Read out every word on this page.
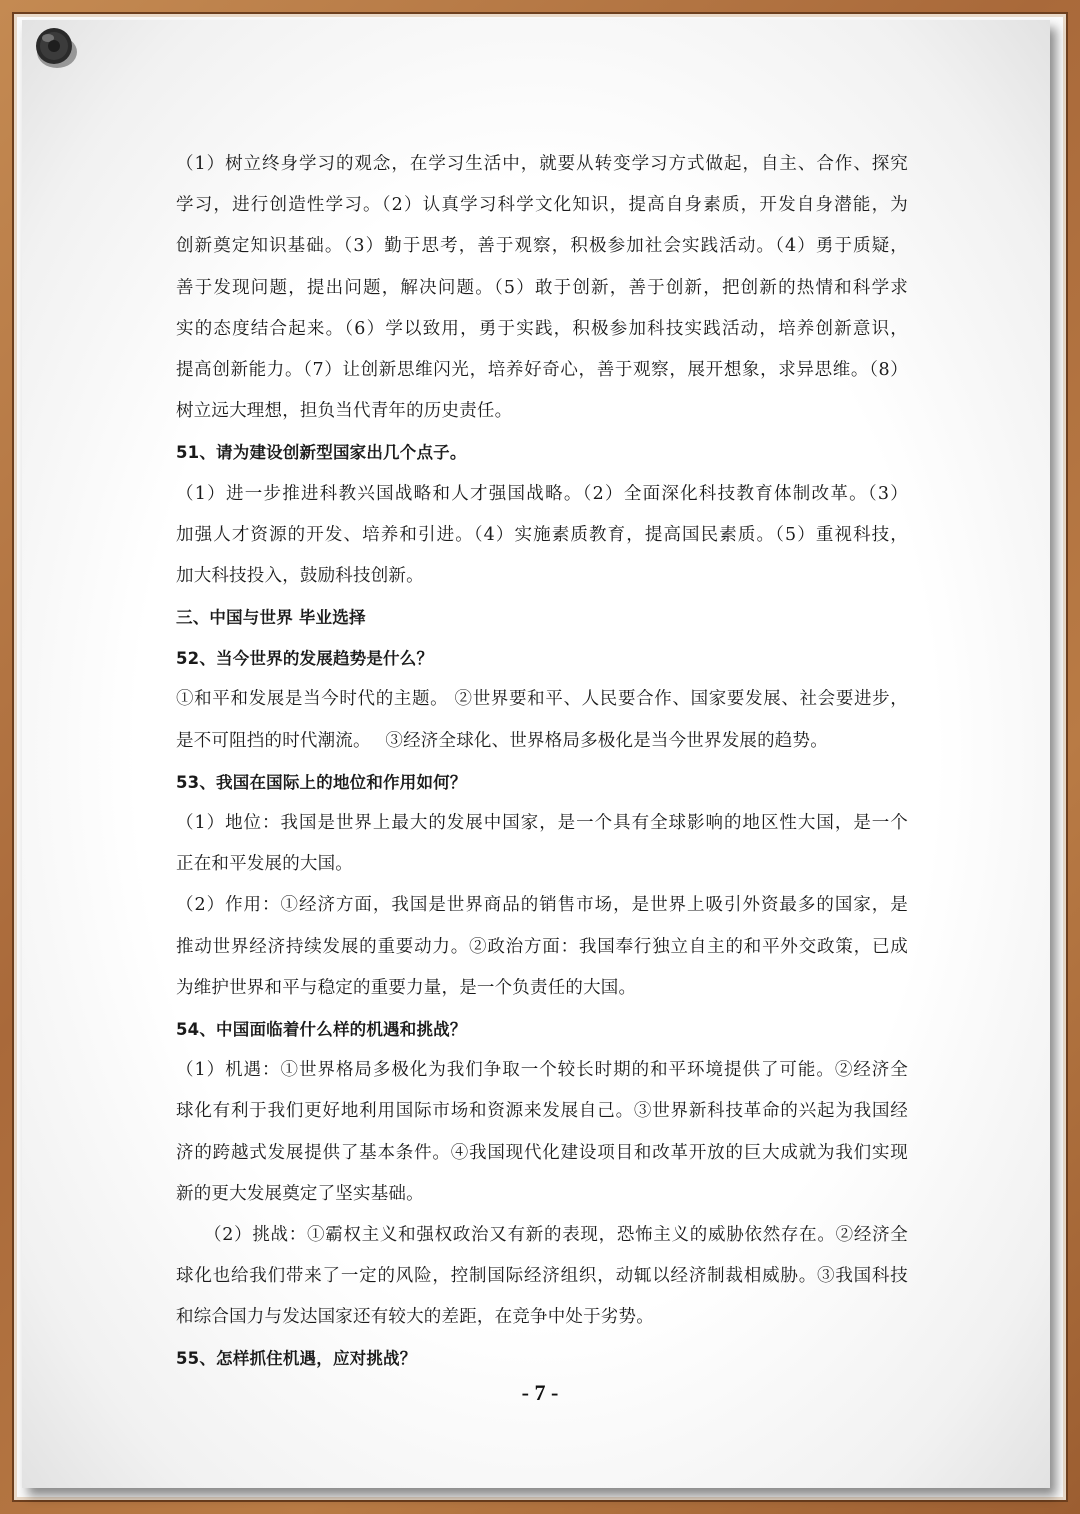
（1）树立终身学习的观念，在学习生活中，就要从转变学习方式做起，自主、合作、探究
学习，进行创造性学习。（2）认真学习科学文化知识，提高自身素质，开发自身潜能，为
创新奠定知识基础。（3）勤于思考，善于观察，积极参加社会实践活动。（4）勇于质疑，
善于发现问题，提出问题，解决问题。（5）敢于创新，善于创新，把创新的热情和科学求
实的态度结合起来。（6）学以致用，勇于实践，积极参加科技实践活动，培养创新意识，
提高创新能力。（7）让创新思维闪光，培养好奇心，善于观察，展开想象，求异思维。（8）
树立远大理想，担负当代青年的历史责任。
51、请为建设创新型国家出几个点子。
（1）进一步推进科教兴国战略和人才强国战略。（2）全面深化科技教育体制改革。（3）
加强人才资源的开发、培养和引进。（4）实施素质教育，提高国民素质。（5）重视科技，
加大科技投入，鼓励科技创新。
三、中国与世界 毕业选择
52、当今世界的发展趋势是什么？
①和平和发展是当今时代的主题。 ②世界要和平、人民要合作、国家要发展、社会要进步，
是不可阻挡的时代潮流。　 ③经济全球化、世界格局多极化是当今世界发展的趋势。
53、我国在国际上的地位和作用如何？
（1）地位：我国是世界上最大的发展中国家，是一个具有全球影响的地区性大国，是一个
正在和平发展的大国。
（2）作用：①经济方面，我国是世界商品的销售市场，是世界上吸引外资最多的国家，是
推动世界经济持续发展的重要动力。②政治方面：我国奉行独立自主的和平外交政策，已成
为维护世界和平与稳定的重要力量，是一个负责任的大国。
54、中国面临着什么样的机遇和挑战？
（1）机遇：①世界格局多极化为我们争取一个较长时期的和平环境提供了可能。②经济全
球化有利于我们更好地利用国际市场和资源来发展自己。③世界新科技革命的兴起为我国经
济的跨越式发展提供了基本条件。④我国现代化建设项目和改革开放的巨大成就为我们实现
新的更大发展奠定了坚实基础。
（2）挑战：①霸权主义和强权政治又有新的表现，恐怖主义的威胁依然存在。②经济全
球化也给我们带来了一定的风险，控制国际经济组织，动辄以经济制裁相威胁。③我国科技
和综合国力与发达国家还有较大的差距，在竞争中处于劣势。
55、怎样抓住机遇，应对挑战？
- 7 -
